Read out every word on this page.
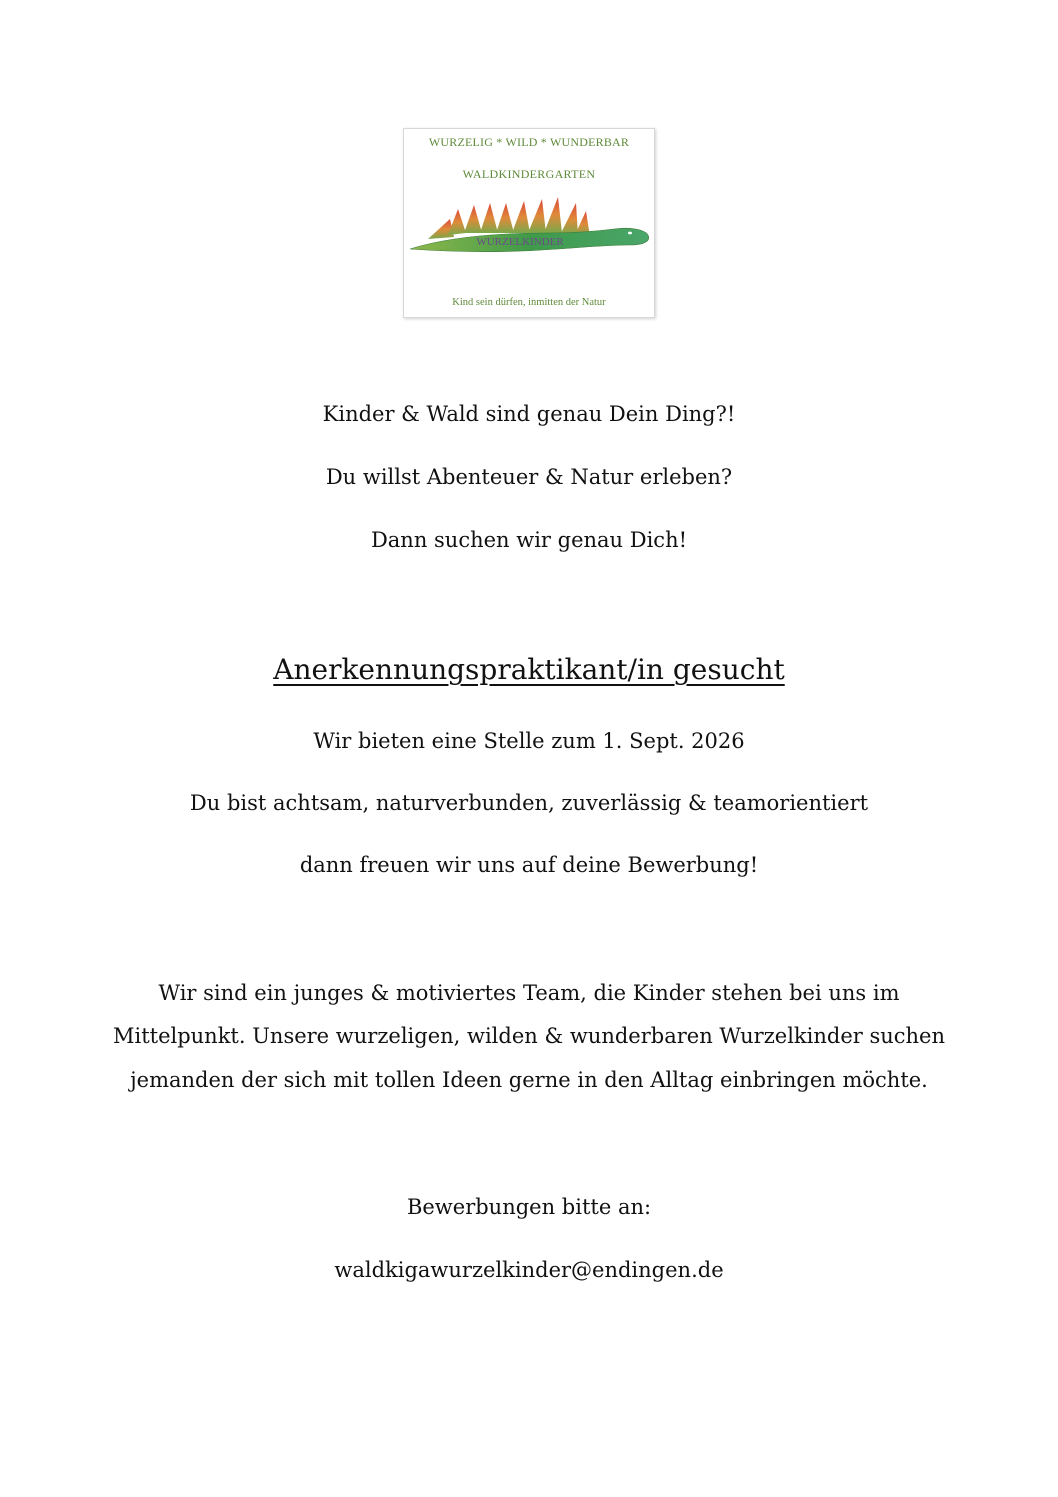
WURZELIG * WILD * WUNDERBAR
WALDKINDERGARTEN
WURZELKINDER
Kind sein dürfen, inmitten der Natur
Kinder & Wald sind genau Dein Ding?!
Du willst Abenteuer & Natur erleben?
Dann suchen wir genau Dich!
Anerkennungspraktikant/in gesucht
Wir bieten eine Stelle zum 1. Sept. 2026
Du bist achtsam, naturverbunden, zuverlässig & teamorientiert
dann freuen wir uns auf deine Bewerbung!
Wir sind ein junges & motiviertes Team, die Kinder stehen bei uns im
Mittelpunkt. Unsere wurzeligen, wilden & wunderbaren Wurzelkinder suchen
jemanden der sich mit tollen Ideen gerne in den Alltag einbringen möchte.
Bewerbungen bitte an:
waldkigawurzelkinder@endingen.de
